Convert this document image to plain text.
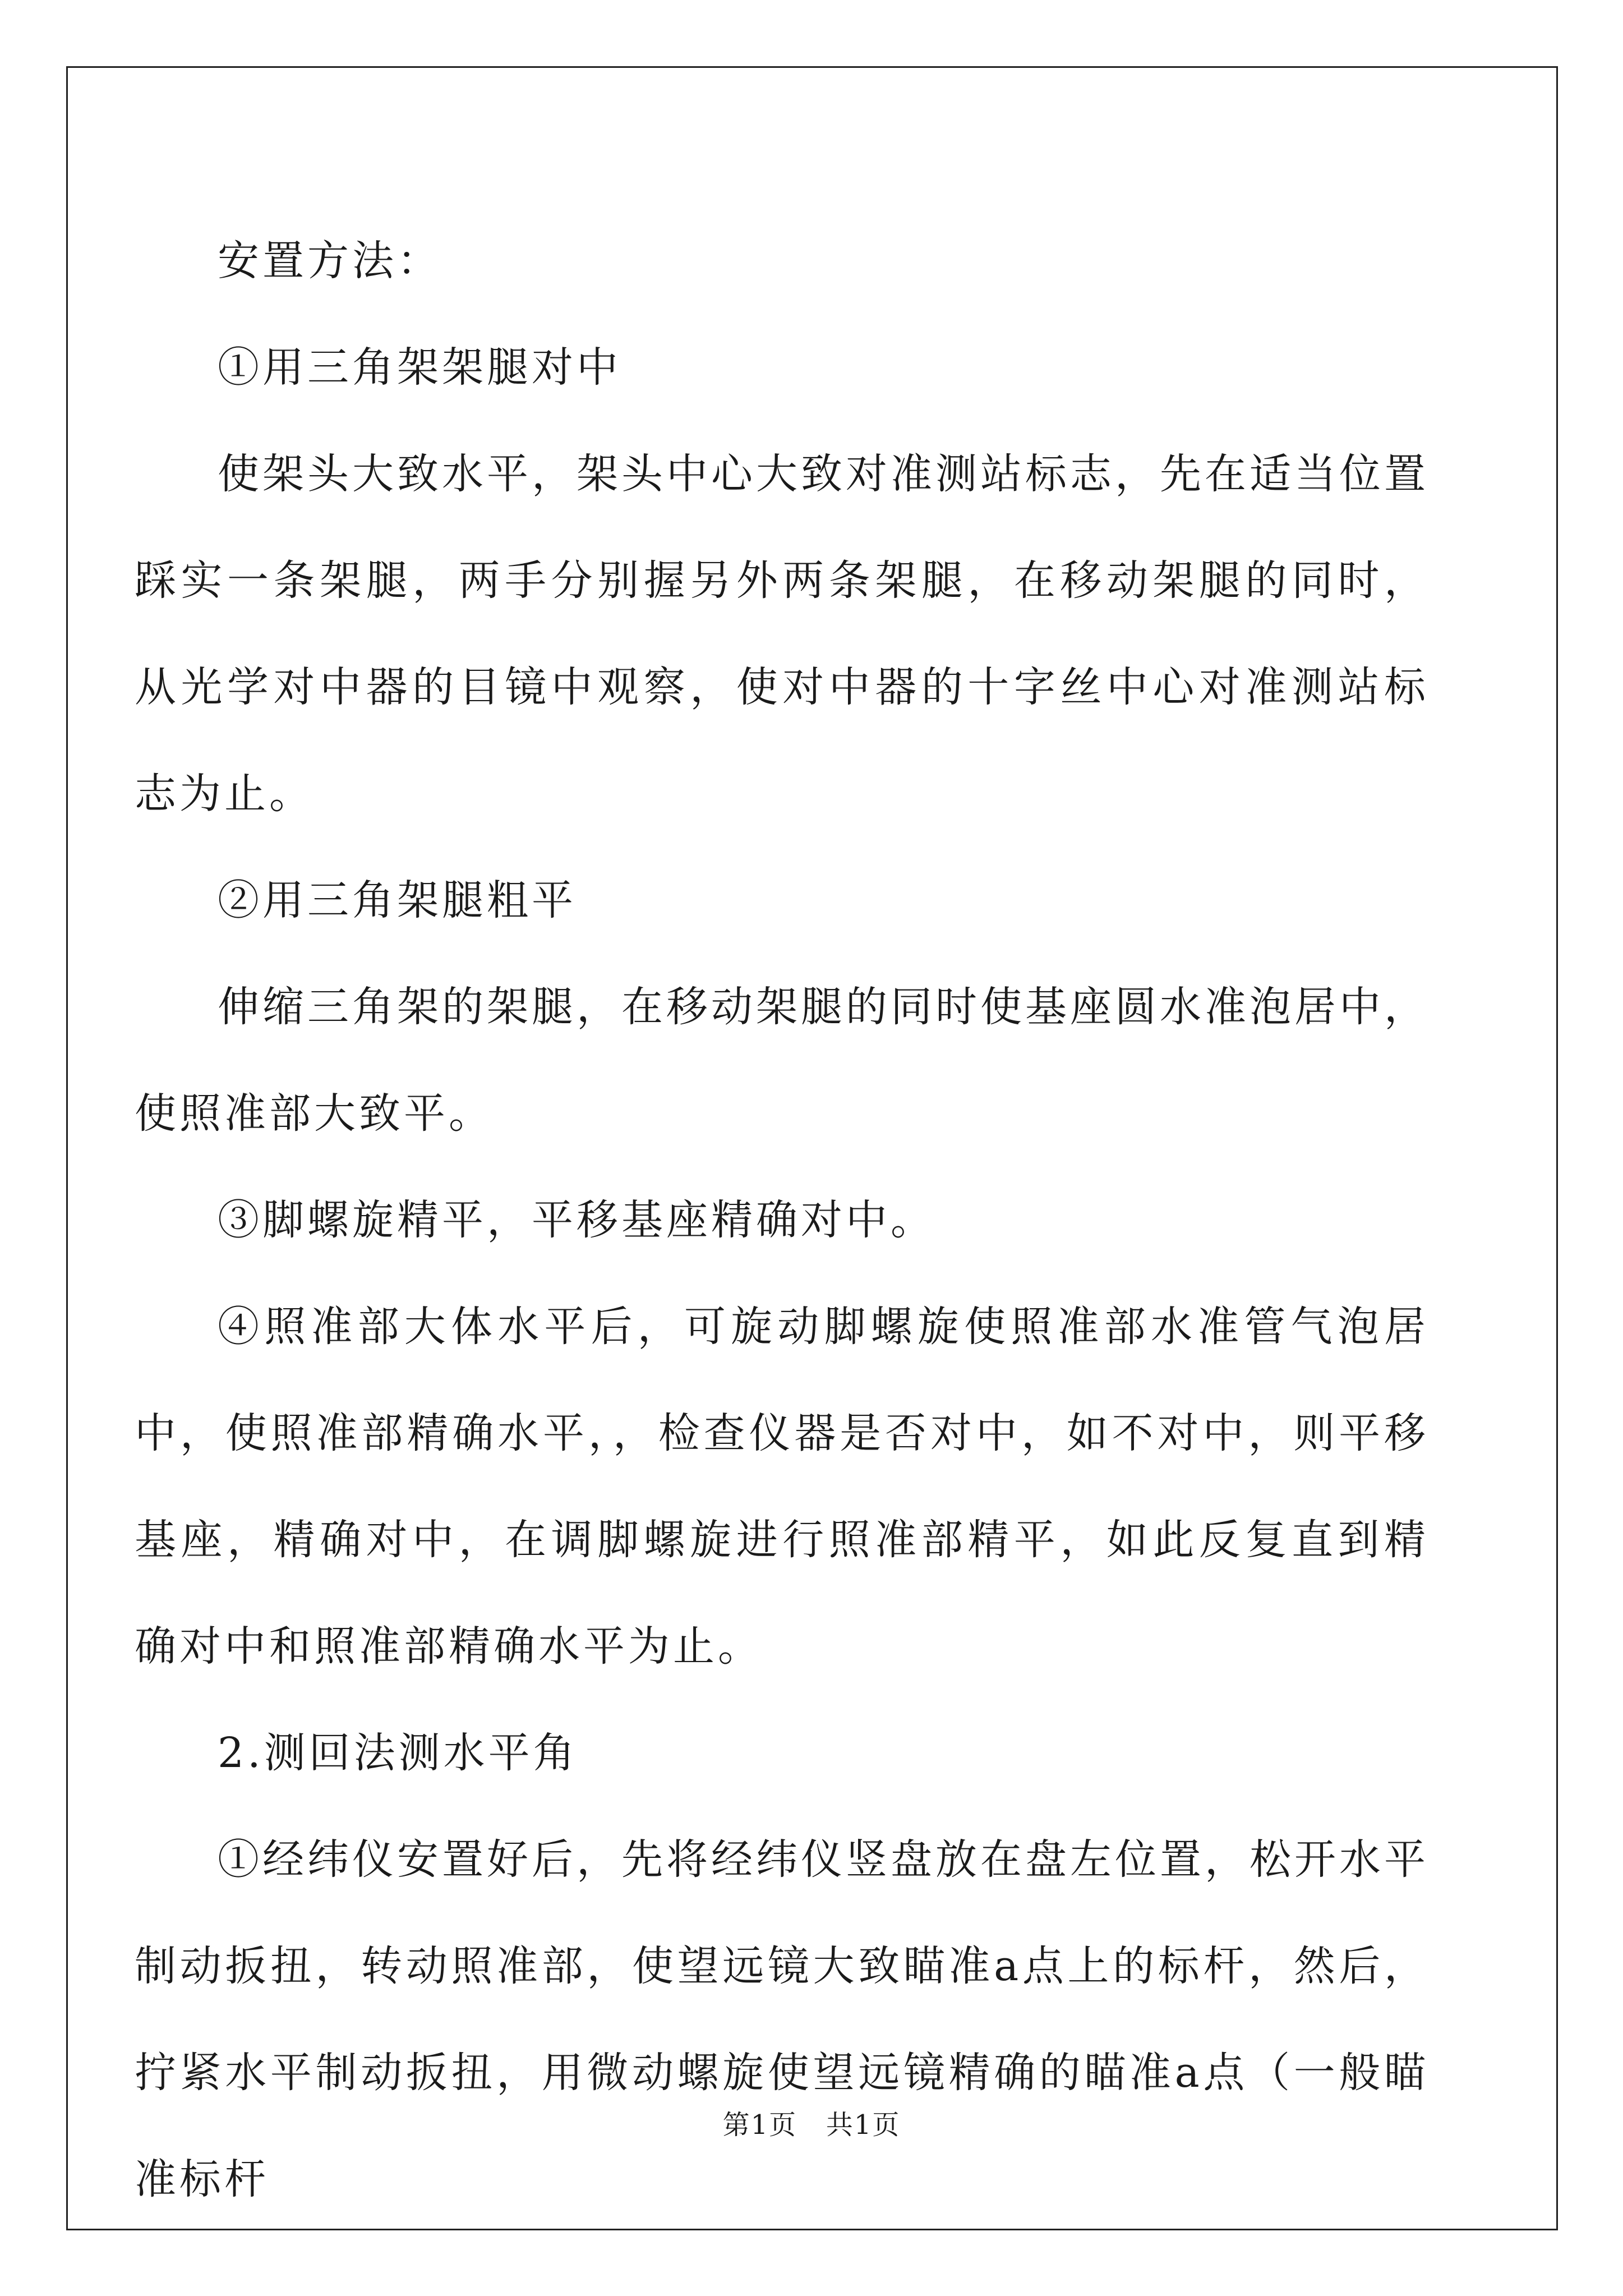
安置方法：

①用三角架架腿对中

使架头大致水平，架头中心大致对准测站标志，先在适当位置踩实一条架腿，两手分别握另外两条架腿，在移动架腿的同时，从光学对中器的目镜中观察，使对中器的十字丝中心对准测站标志为止。

②用三角架腿粗平

伸缩三角架的架腿，在移动架腿的同时使基座圆水准泡居中，使照准部大致平。

③脚螺旋精平，平移基座精确对中。

④照准部大体水平后，可旋动脚螺旋使照准部水准管气泡居中，使照准部精确水平，，检查仪器是否对中，如不对中，则平移基座，精确对中，在调脚螺旋进行照准部精平，如此反复直到精确对中和照准部精确水平为止。

2.测回法测水平角

①经纬仪安置好后，先将经纬仪竖盘放在盘左位置，松开水平制动扳扭，转动照准部，使望远镜大致瞄准a点上的标杆，然后，拧紧水平制动扳扭，用微动螺旋使望远镜精确的瞄准a点（一般瞄准标杆

第1页 共1页
